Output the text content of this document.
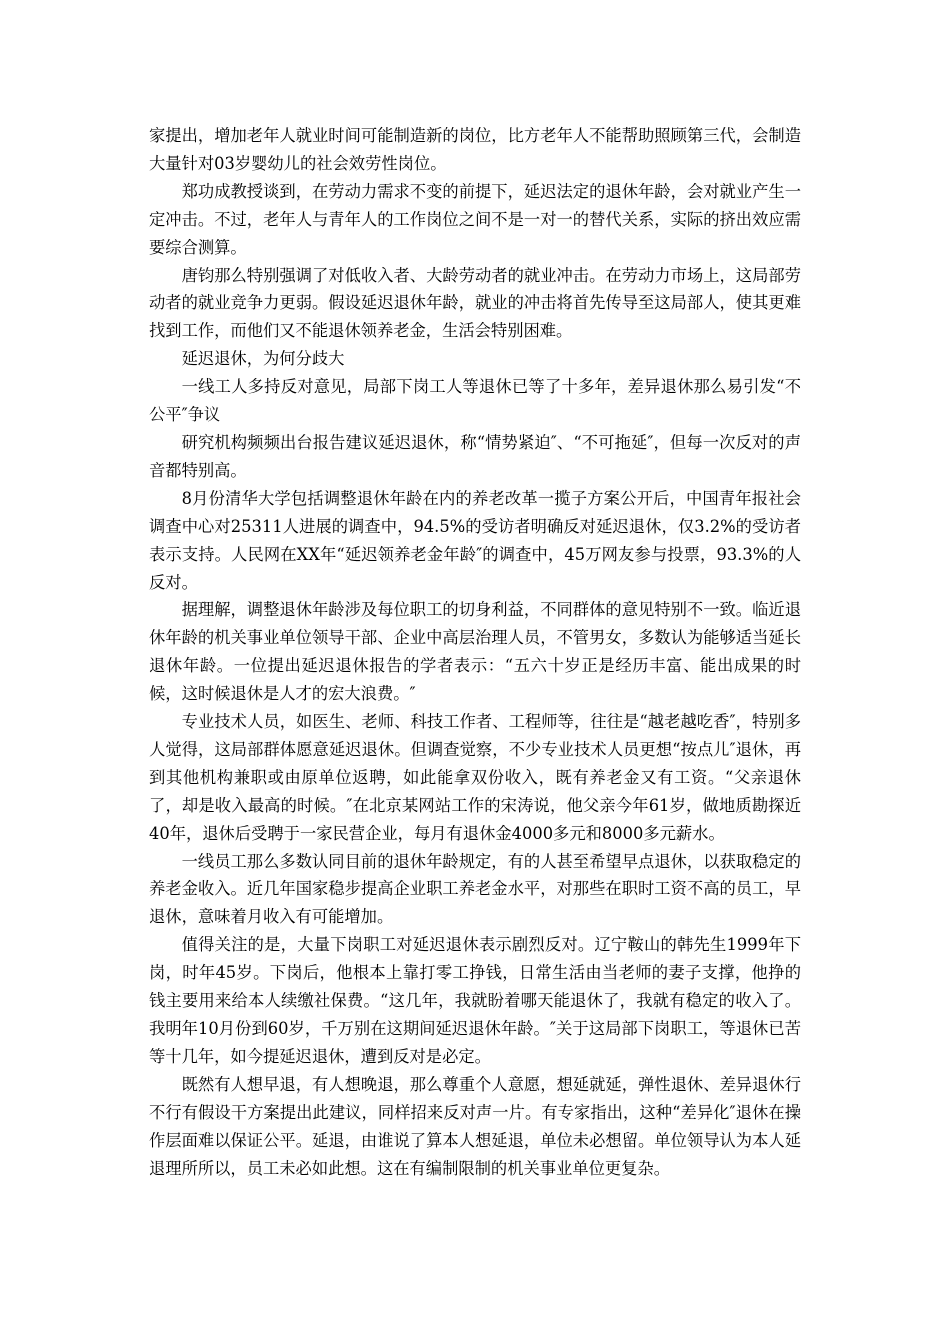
家提出，增加老年人就业时间可能制造新的岗位，比方老年人不能帮助照顾第三代，会制造大量针对03岁婴幼儿的社会效劳性岗位。

郑功成教授谈到，在劳动力需求不变的前提下，延迟法定的退休年龄，会对就业产生一定冲击。不过，老年人与青年人的工作岗位之间不是一对一的替代关系，实际的挤出效应需要综合测算。

唐钧那么特别强调了对低收入者、大龄劳动者的就业冲击。在劳动力市场上，这局部劳动者的就业竞争力更弱。假设延迟退休年龄，就业的冲击将首先传导至这局部人，使其更难找到工作，而他们又不能退休领养老金，生活会特别困难。

延迟退休，为何分歧大

一线工人多持反对意见，局部下岗工人等退休已等了十多年，差异退休那么易引发“不公平″争议

研究机构频频出台报告建议延迟退休，称“情势紧迫″、“不可拖延″，但每一次反对的声音都特别高。

8月份清华大学包括调整退休年龄在内的养老改革一揽子方案公开后，中国青年报社会调查中心对25311人进展的调查中，94.5%的受访者明确反对延迟退休，仅3.2%的受访者表示支持。人民网在XX年“延迟领养老金年龄″的调查中，45万网友参与投票，93.3%的人反对。

据理解，调整退休年龄涉及每位职工的切身利益，不同群体的意见特别不一致。临近退休年龄的机关事业单位领导干部、企业中高层治理人员，不管男女，多数认为能够适当延长退休年龄。一位提出延迟退休报告的学者表示：“五六十岁正是经历丰富、能出成果的时候，这时候退休是人才的宏大浪费。″

专业技术人员，如医生、老师、科技工作者、工程师等，往往是“越老越吃香″，特别多人觉得，这局部群体愿意延迟退休。但调查觉察，不少专业技术人员更想“按点儿″退休，再到其他机构兼职或由原单位返聘，如此能拿双份收入，既有养老金又有工资。“父亲退休了，却是收入最高的时候。″在北京某网站工作的宋涛说，他父亲今年61岁，做地质勘探近40年，退休后受聘于一家民营企业，每月有退休金4000多元和8000多元薪水。

一线员工那么多数认同目前的退休年龄规定，有的人甚至希望早点退休，以获取稳定的养老金收入。近几年国家稳步提高企业职工养老金水平，对那些在职时工资不高的员工，早退休，意味着月收入有可能增加。

值得关注的是，大量下岗职工对延迟退休表示剧烈反对。辽宁鞍山的韩先生1999年下岗，时年45岁。下岗后，他根本上靠打零工挣钱，日常生活由当老师的妻子支撑，他挣的钱主要用来给本人续缴社保费。“这几年，我就盼着哪天能退休了，我就有稳定的收入了。我明年10月份到60岁，千万别在这期间延迟退休年龄。″关于这局部下岗职工，等退休已苦等十几年，如今提延迟退休，遭到反对是必定。

既然有人想早退，有人想晚退，那么尊重个人意愿，想延就延，弹性退休、差异退休行不行有假设干方案提出此建议，同样招来反对声一片。有专家指出，这种“差异化″退休在操作层面难以保证公平。延退，由谁说了算本人想延退，单位未必想留。单位领导认为本人延退理所所以，员工未必如此想。这在有编制限制的机关事业单位更复杂。
